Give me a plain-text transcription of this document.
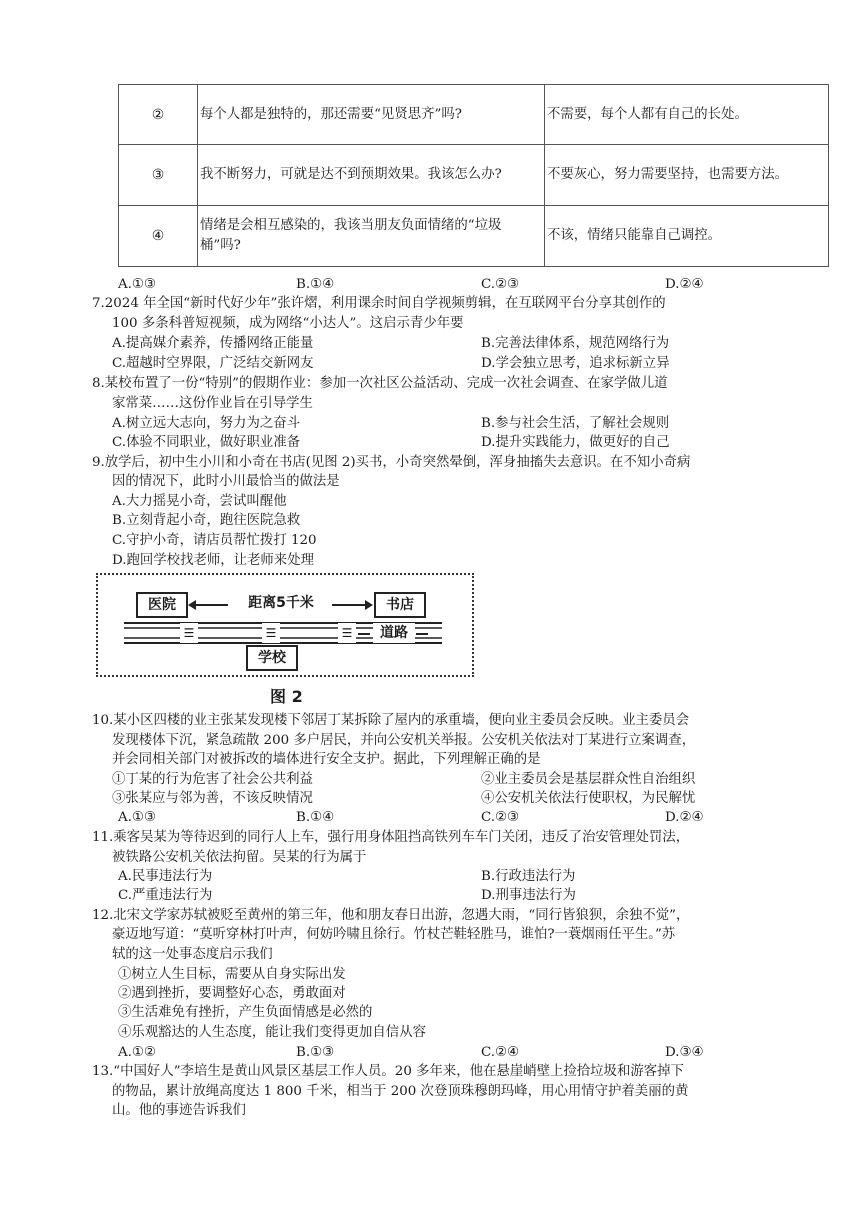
②	每个人都是独特的，那还需要“见贤思齐”吗?	不需要，每个人都有自己的长处。
③	我不断努力，可就是达不到预期效果。我该怎么办?	不要灰心，努力需要坚持，也需要方法。
④	情绪是会相互感染的，我该当朋友负面情绪的“垃圾桶”吗?	不该，情绪只能靠自己调控。
A.①③	B.①④	C.②③	D.②④
7.2024 年全国“新时代好少年”张许熠，利用课余时间自学视频剪辑，在互联网平台分享其创作的
100 多条科普短视频，成为网络“小达人”。这启示青少年要
A.提高媒介素养，传播网络正能量	B.完善法律体系，规范网络行为
C.超越时空界限，广泛结交新网友	D.学会独立思考，追求标新立异
8.某校布置了一份“特别”的假期作业：参加一次社区公益活动、完成一次社会调查、在家学做儿道
家常菜……这份作业旨在引导学生
A.树立远大志向，努力为之奋斗	B.参与社会生活，了解社会规则
C.体验不同职业，做好职业准备	D.提升实践能力，做更好的自己
9.放学后，初中生小川和小奇在书店(见图 2)买书，小奇突然晕倒，浑身抽搐失去意识。在不知小奇病
因的情况下，此时小川最恰当的做法是
A.大力摇晃小奇，尝试叫醒他
B.立刻背起小奇，跑往医院急救
C.守护小奇，请店员帮忙拨打 120
D.跑回学校找老师，让老师来处理
医院	距离5千米	书店
☰	☰	☰	道路
学校
图 2
10.某小区四楼的业主张某发现楼下邻居丁某拆除了屋内的承重墙，便向业主委员会反映。业主委员会
发现楼体下沉，紧急疏散 200 多户居民，并向公安机关举报。公安机关依法对丁某进行立案调查，
并会同相关部门对被拆改的墙体进行安全支护。据此，下列理解正确的是
①丁某的行为危害了社会公共利益	②业主委员会是基层群众性自治组织
③张某应与邻为善，不该反映情况	④公安机关依法行使职权，为民解忧
A.①③	B.①④	C.②③	D.②④
11.乘客吴某为等待迟到的同行人上车，强行用身体阻挡高铁列车车门关闭，违反了治安管理处罚法，
被铁路公安机关依法拘留。吴某的行为属于
A.民事违法行为	B.行政违法行为
C.严重违法行为	D.刑事违法行为
12.北宋文学家苏轼被贬至黄州的第三年，他和朋友春日出游，忽遇大雨，“同行皆狼狈，余独不觉”，
豪迈地写道：“莫听穿林打叶声，何妨吟啸且徐行。竹杖芒鞋轻胜马，谁怕?一蓑烟雨任平生。”苏
轼的这一处事态度启示我们
①树立人生目标，需要从自身实际出发
②遇到挫折，要调整好心态，勇敢面对
③生活难免有挫折，产生负面情感是必然的
④乐观豁达的人生态度，能让我们变得更加自信从容
A.①②	B.①③	C.②④	D.③④
13.“中国好人”李培生是黄山风景区基层工作人员。20 多年来，他在悬崖峭壁上捡拾垃圾和游客掉下
的物品，累计放绳高度达 1 800 千米，相当于 200 次登顶珠穆朗玛峰，用心用情守护着美丽的黄
山。他的事迹告诉我们
